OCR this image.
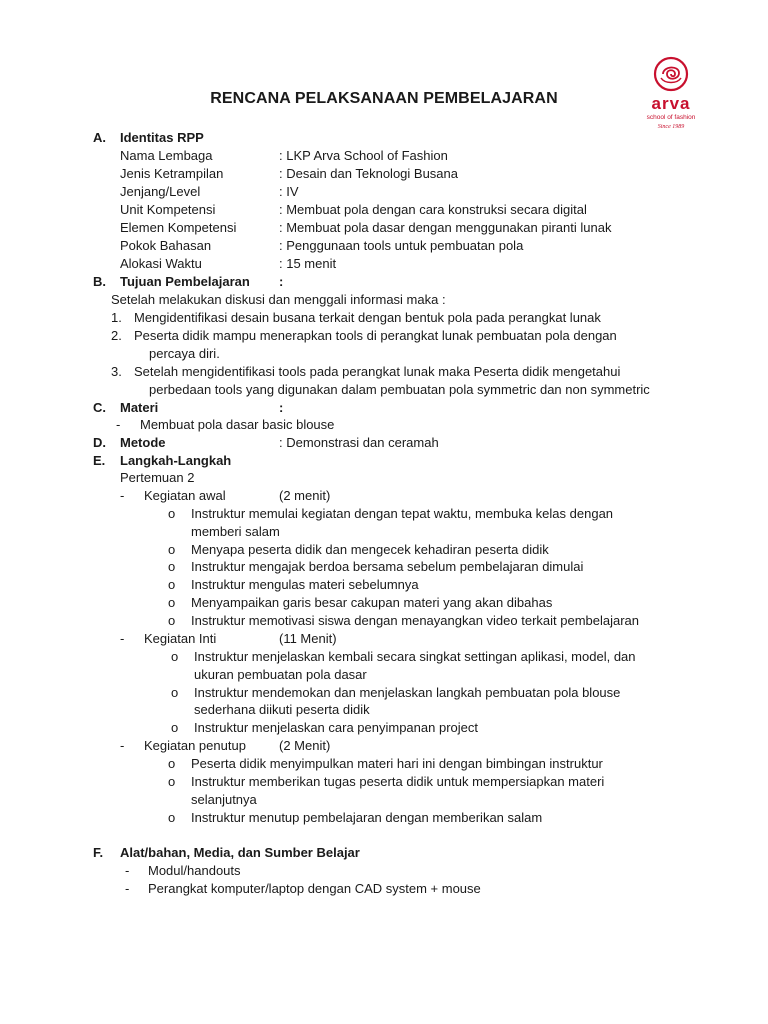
arva
school of fashion
Since 1989
RENCANA PELAKSANAAN PEMBELAJARAN
A. Identitas RPP
Nama Lembaga	: LKP Arva School of Fashion
Jenis Ketrampilan	: Desain dan Teknologi Busana
Jenjang/Level	: IV
Unit Kompetensi	: Membuat pola dengan cara konstruksi secara digital
Elemen Kompetensi	: Membuat pola dasar dengan menggunakan piranti lunak
Pokok Bahasan	: Penggunaan tools untuk pembuatan pola
Alokasi Waktu	: 15 menit
B. Tujuan Pembelajaran :
Setelah melakukan diskusi dan menggali informasi maka :
1. Mengidentifikasi desain busana terkait dengan bentuk pola pada perangkat lunak
2. Peserta didik mampu menerapkan tools di perangkat lunak pembuatan pola dengan
percaya diri.
3. Setelah mengidentifikasi tools pada perangkat lunak maka Peserta didik mengetahui
perbedaan tools yang digunakan dalam pembuatan pola symmetric dan non symmetric
C. Materi	:
- Membuat pola dasar basic blouse
D. Metode	: Demonstrasi dan ceramah
E. Langkah-Langkah
Pertemuan 2
- Kegiatan awal	(2 menit)
o Instruktur memulai kegiatan dengan tepat waktu, membuka kelas dengan
memberi salam
o Menyapa peserta didik dan mengecek kehadiran peserta didik
o Instruktur mengajak berdoa bersama sebelum pembelajaran dimulai
o Instruktur mengulas materi sebelumnya
o Menyampaikan garis besar cakupan materi yang akan dibahas
o Instruktur memotivasi siswa dengan menayangkan video terkait pembelajaran
- Kegiatan Inti	(11 Menit)
o Instruktur menjelaskan kembali secara singkat settingan aplikasi, model, dan
ukuran pembuatan pola dasar
o Instruktur mendemokan dan menjelaskan langkah pembuatan pola blouse
sederhana diikuti peserta didik
o Instruktur menjelaskan cara penyimpanan project
- Kegiatan penutup	(2 Menit)
o Peserta didik menyimpulkan materi hari ini dengan bimbingan instruktur
o Instruktur memberikan tugas peserta didik untuk mempersiapkan materi
selanjutnya
o Instruktur menutup pembelajaran dengan memberikan salam
F. Alat/bahan, Media, dan Sumber Belajar
- Modul/handouts
- Perangkat komputer/laptop dengan CAD system + mouse
